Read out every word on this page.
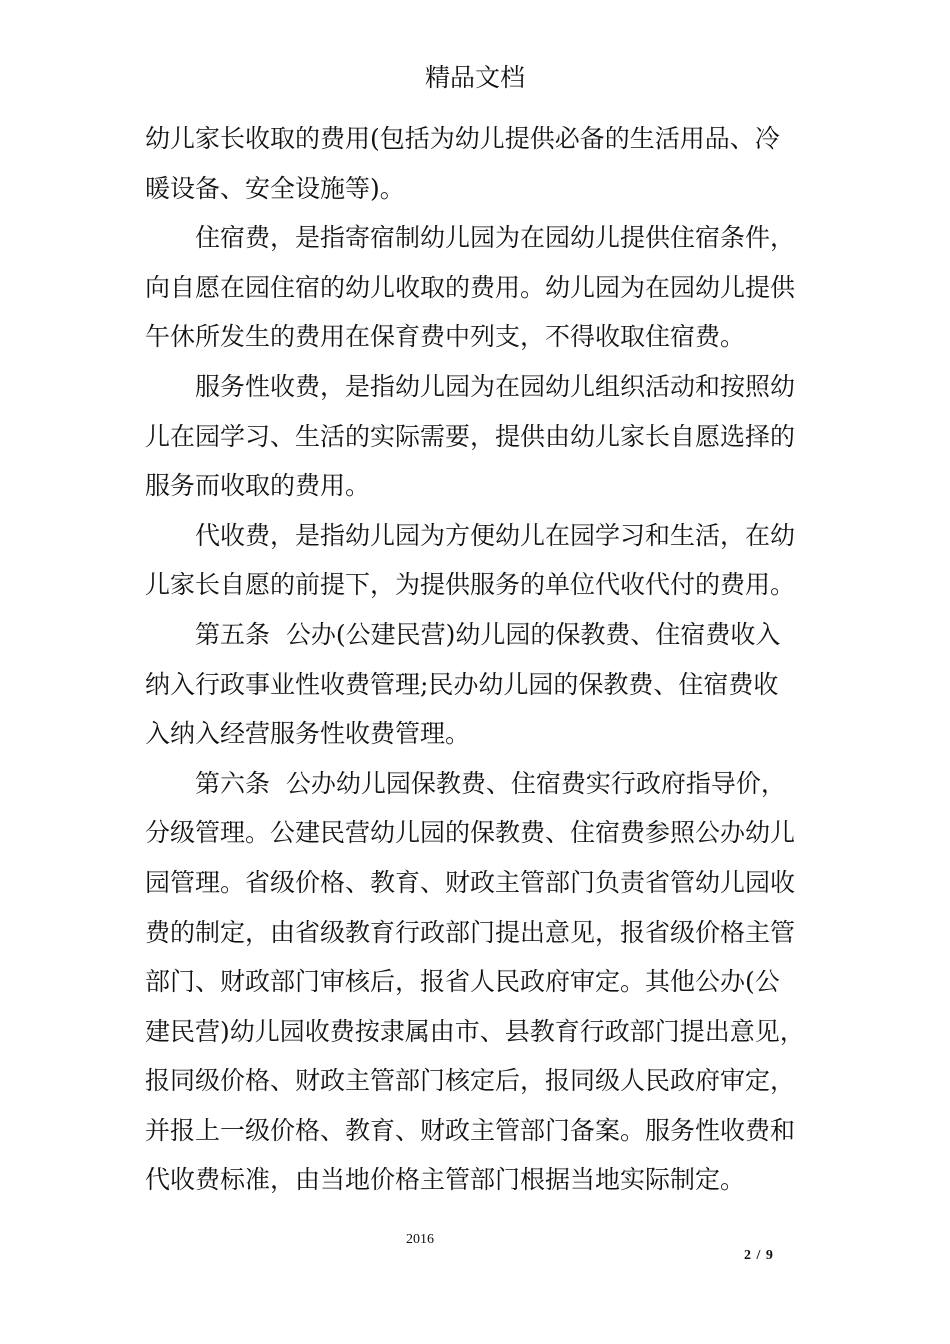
精品文档
幼儿家长收取的费用(包括为幼儿提供必备的生活用品、冷
暖设备、安全设施等)。
住宿费，是指寄宿制幼儿园为在园幼儿提供住宿条件，
向自愿在园住宿的幼儿收取的费用。幼儿园为在园幼儿提供
午休所发生的费用在保育费中列支，不得收取住宿费。
服务性收费，是指幼儿园为在园幼儿组织活动和按照幼
儿在园学习、生活的实际需要，提供由幼儿家长自愿选择的
服务而收取的费用。
代收费，是指幼儿园为方便幼儿在园学习和生活，在幼
儿家长自愿的前提下，为提供服务的单位代收代付的费用。
第五条  公办(公建民营)幼儿园的保教费、住宿费收入
纳入行政事业性收费管理;民办幼儿园的保教费、住宿费收
入纳入经营服务性收费管理。
第六条  公办幼儿园保教费、住宿费实行政府指导价，
分级管理。公建民营幼儿园的保教费、住宿费参照公办幼儿
园管理。省级价格、教育、财政主管部门负责省管幼儿园收
费的制定，由省级教育行政部门提出意见，报省级价格主管
部门、财政部门审核后，报省人民政府审定。其他公办(公
建民营)幼儿园收费按隶属由市、县教育行政部门提出意见，
报同级价格、财政主管部门核定后，报同级人民政府审定，
并报上一级价格、教育、财政主管部门备案。服务性收费和
代收费标准，由当地价格主管部门根据当地实际制定。
2016
2 / 9
